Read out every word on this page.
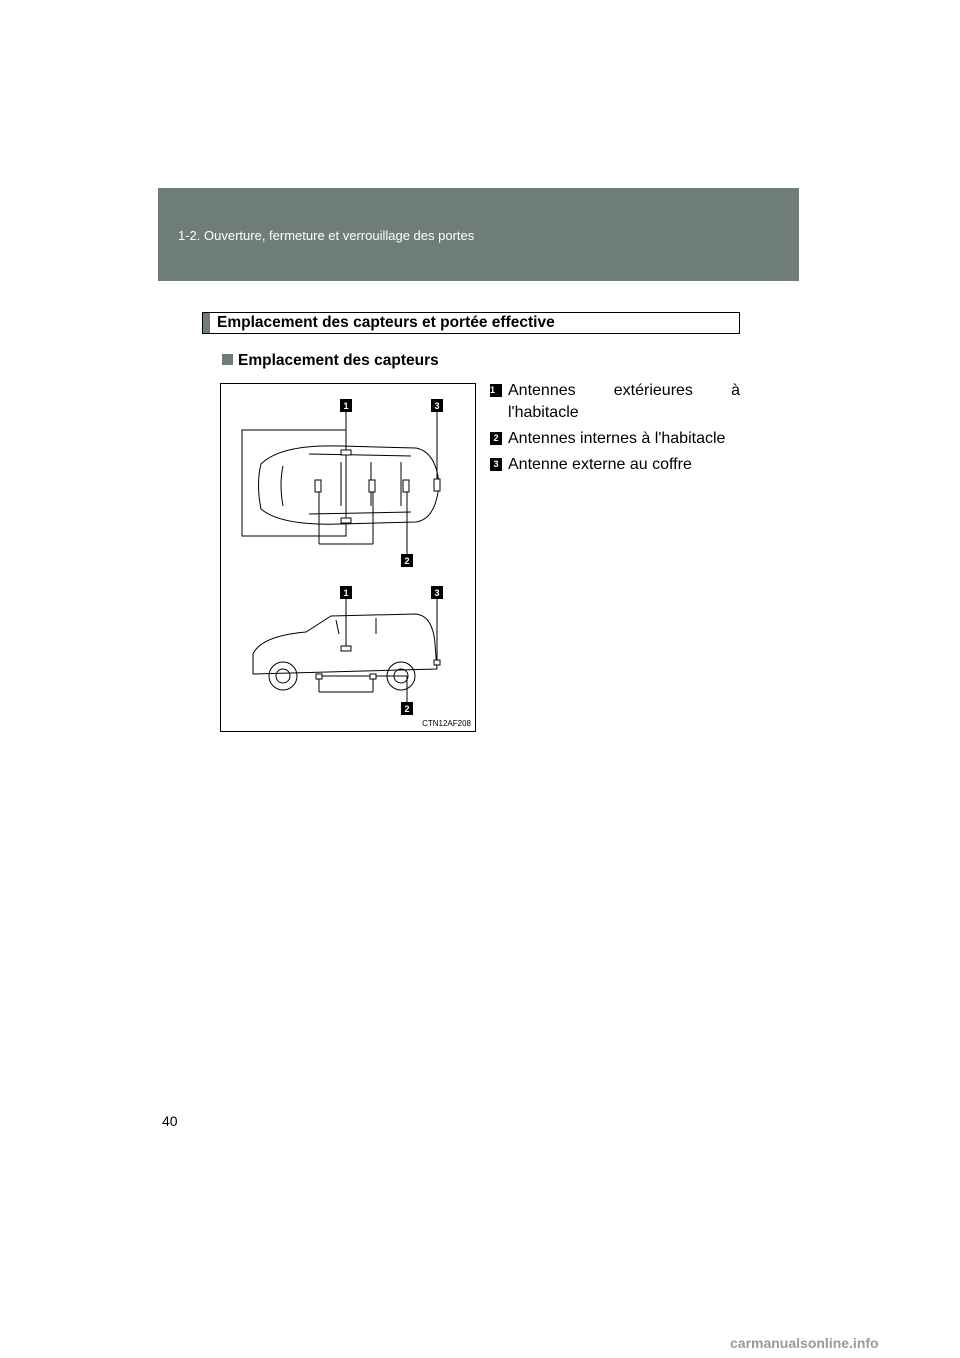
1-2. Ouverture, fermeture et verrouillage des portes
Emplacement des capteurs et portée effective
Emplacement des capteurs
1	3
2
1	3
2
CTN12AF208
1 Antennes extérieures à
l'habitacle
2 Antennes internes à l'habitacle
3 Antenne externe au coffre
40
carmanualsonline.info
